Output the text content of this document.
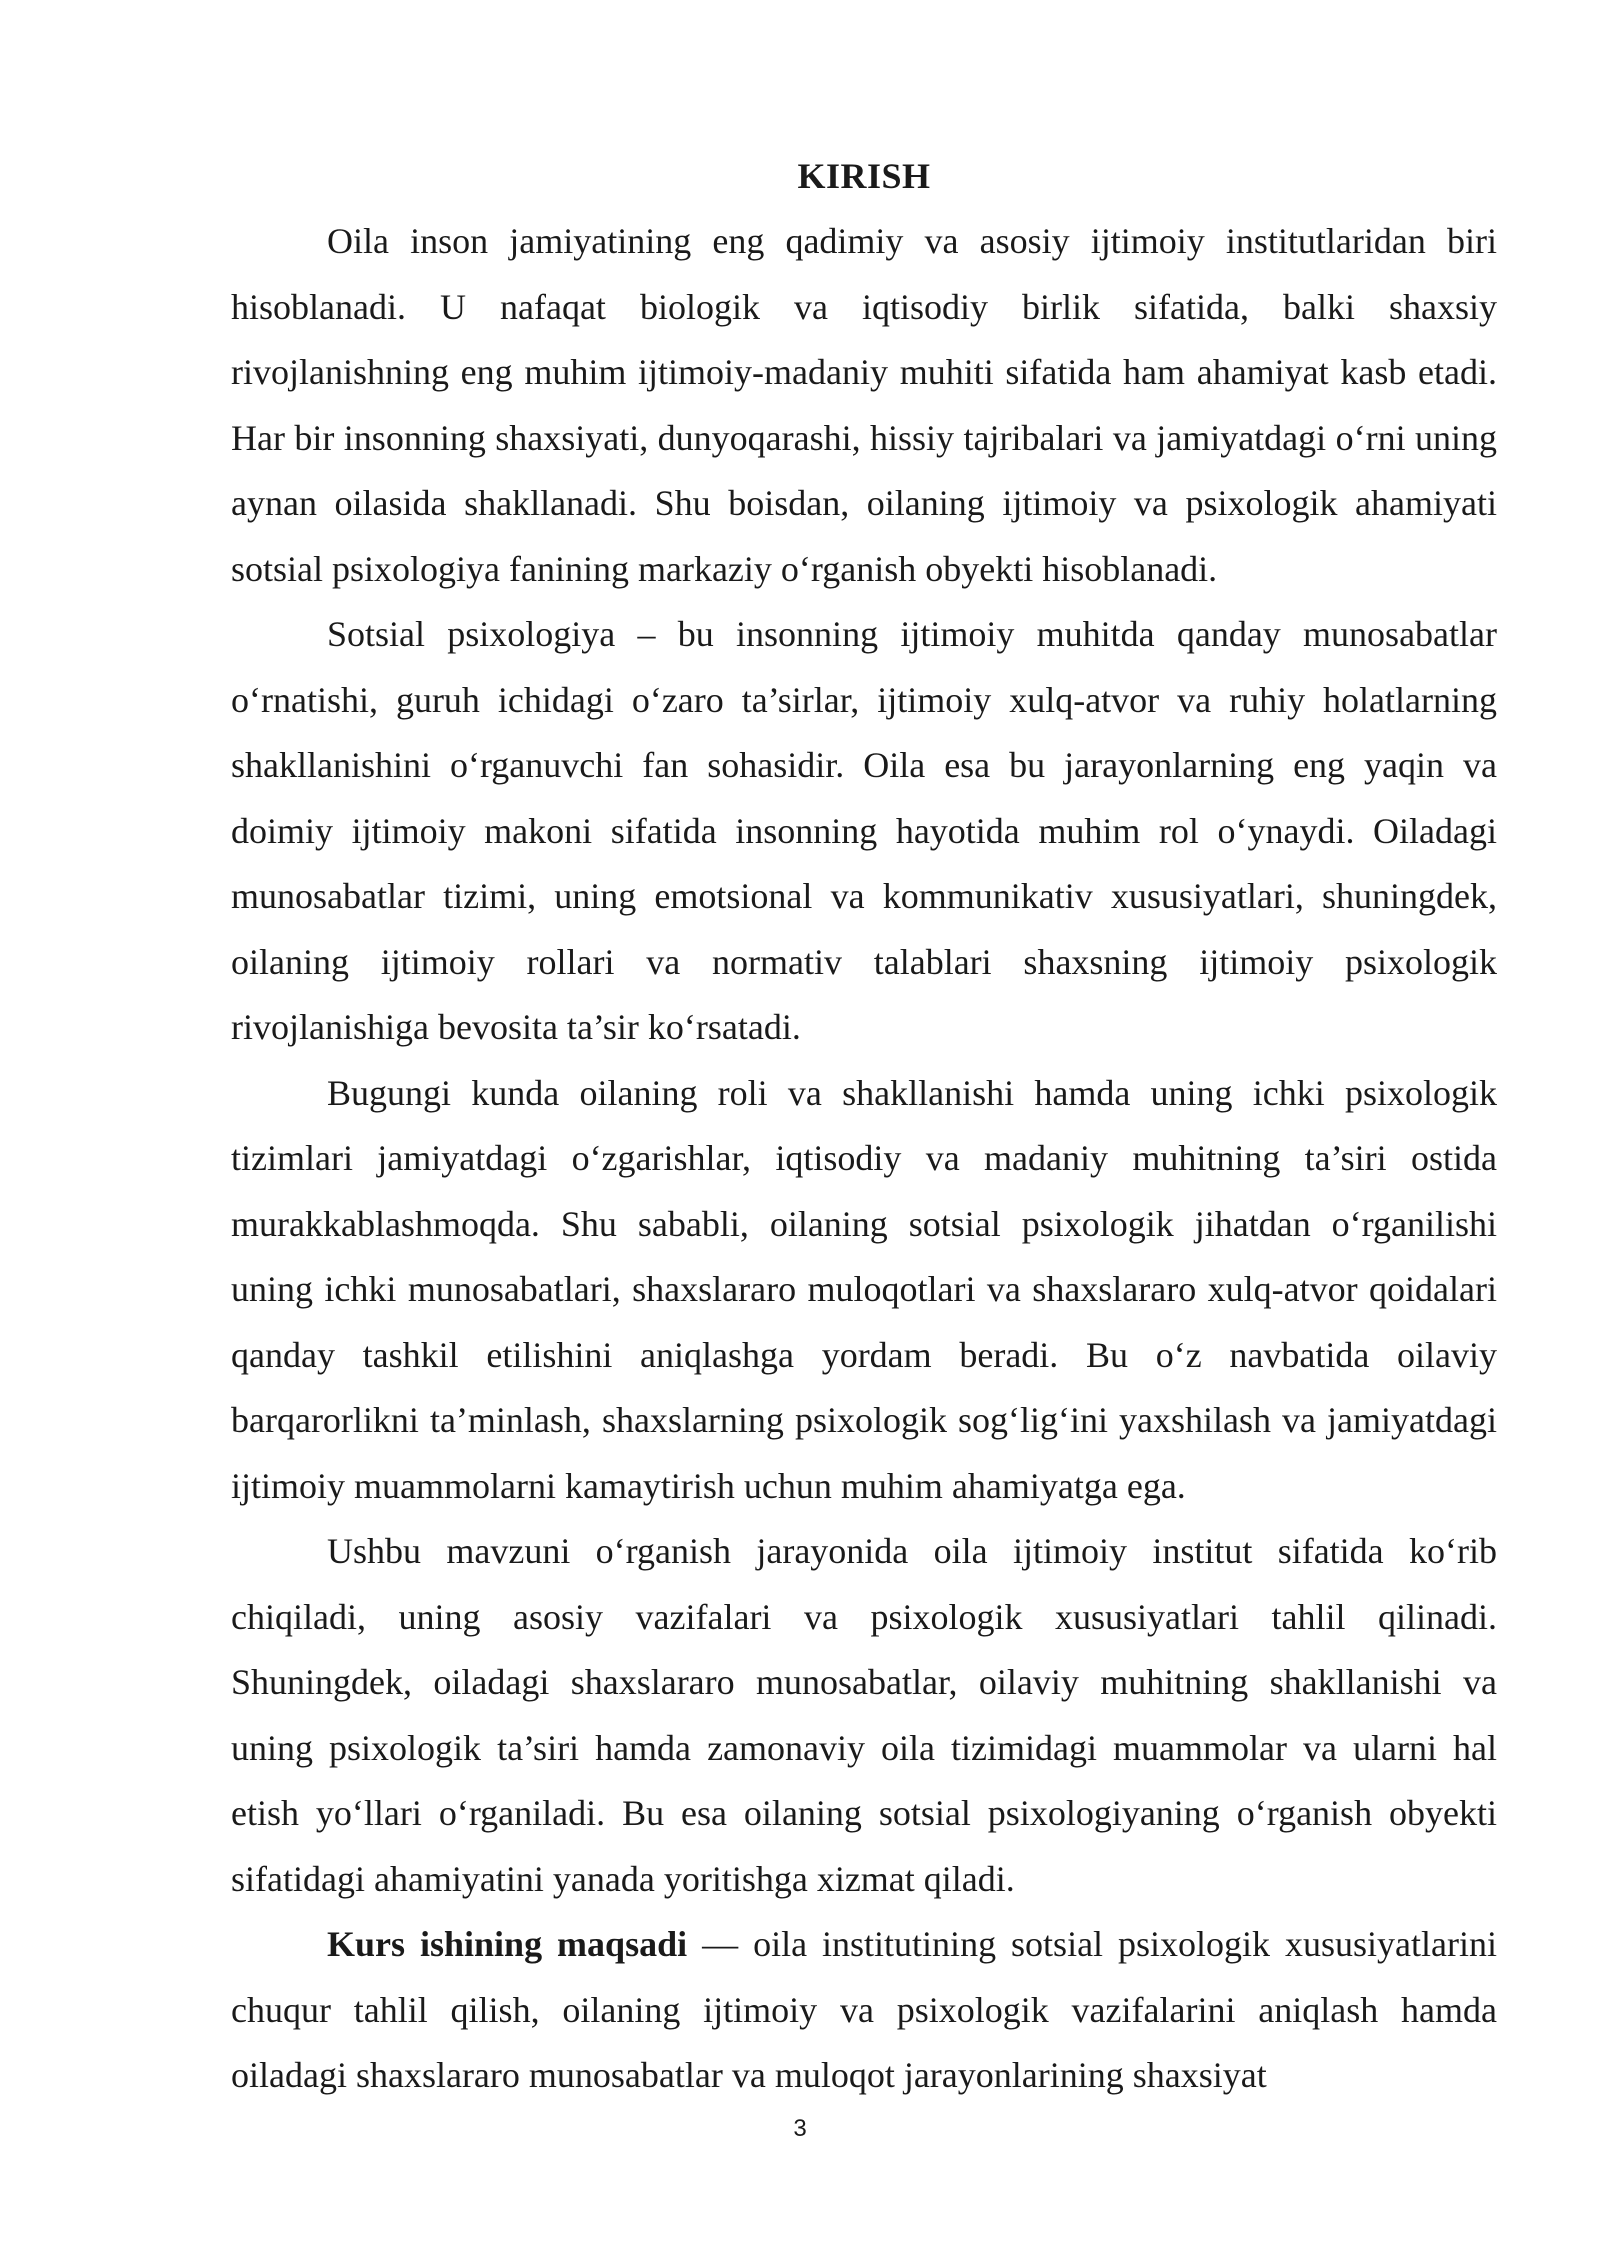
KIRISH

Oila inson jamiyatining eng qadimiy va asosiy ijtimoiy institutlaridan biri hisoblanadi. U nafaqat biologik va iqtisodiy birlik sifatida, balki shaxsiy rivojlanishning eng muhim ijtimoiy-madaniy muhiti sifatida ham ahamiyat kasb etadi. Har bir insonning shaxsiyati, dunyoqarashi, hissiy tajribalari va jamiyatdagi o‘rni uning aynan oilasida shakllanadi. Shu boisdan, oilaning ijtimoiy va psixologik ahamiyati sotsial psixologiya fanining markaziy o‘rganish obyekti hisoblanadi.

Sotsial psixologiya – bu insonning ijtimoiy muhitda qanday munosabatlar o‘rnatishi, guruh ichidagi o‘zaro ta’sirlar, ijtimoiy xulq-atvor va ruhiy holatlarning shakllanishini o‘rganuvchi fan sohasidir. Oila esa bu jarayonlarning eng yaqin va doimiy ijtimoiy makoni sifatida insonning hayotida muhim rol o‘ynaydi. Oiladagi munosabatlar tizimi, uning emotsional va kommunikativ xususiyatlari, shuningdek, oilaning ijtimoiy rollari va normativ talablari shaxsning ijtimoiy psixologik rivojlanishiga bevosita ta’sir ko‘rsatadi.

Bugungi kunda oilaning roli va shakllanishi hamda uning ichki psixologik tizimlari jamiyatdagi o‘zgarishlar, iqtisodiy va madaniy muhitning ta’siri ostida murakkablashmoqda. Shu sababli, oilaning sotsial psixologik jihatdan o‘rganilishi uning ichki munosabatlari, shaxslararo muloqotlari va shaxslararo xulq-atvor qoidalari qanday tashkil etilishini aniqlashga yordam beradi. Bu o‘z navbatida oilaviy barqarorlikni ta’minlash, shaxslarning psixologik sog‘lig‘ini yaxshilash va jamiyatdagi ijtimoiy muammolarni kamaytirish uchun muhim ahamiyatga ega.

Ushbu mavzuni o‘rganish jarayonida oila ijtimoiy institut sifatida ko‘rib chiqiladi, uning asosiy vazifalari va psixologik xususiyatlari tahlil qilinadi. Shuningdek, oiladagi shaxslararo munosabatlar, oilaviy muhitning shakllanishi va uning psixologik ta’siri hamda zamonaviy oila tizimidagi muammolar va ularni hal etish yo‘llari o‘rganiladi. Bu esa oilaning sotsial psixologiyaning o‘rganish obyekti sifatidagi ahamiyatini yanada yoritishga xizmat qiladi.

Kurs ishining maqsadi — oila institutining sotsial psixologik xususiyatlarini chuqur tahlil qilish, oilaning ijtimoiy va psixologik vazifalarini aniqlash hamda oiladagi shaxslararo munosabatlar va muloqot jarayonlarining shaxsiyat

3
